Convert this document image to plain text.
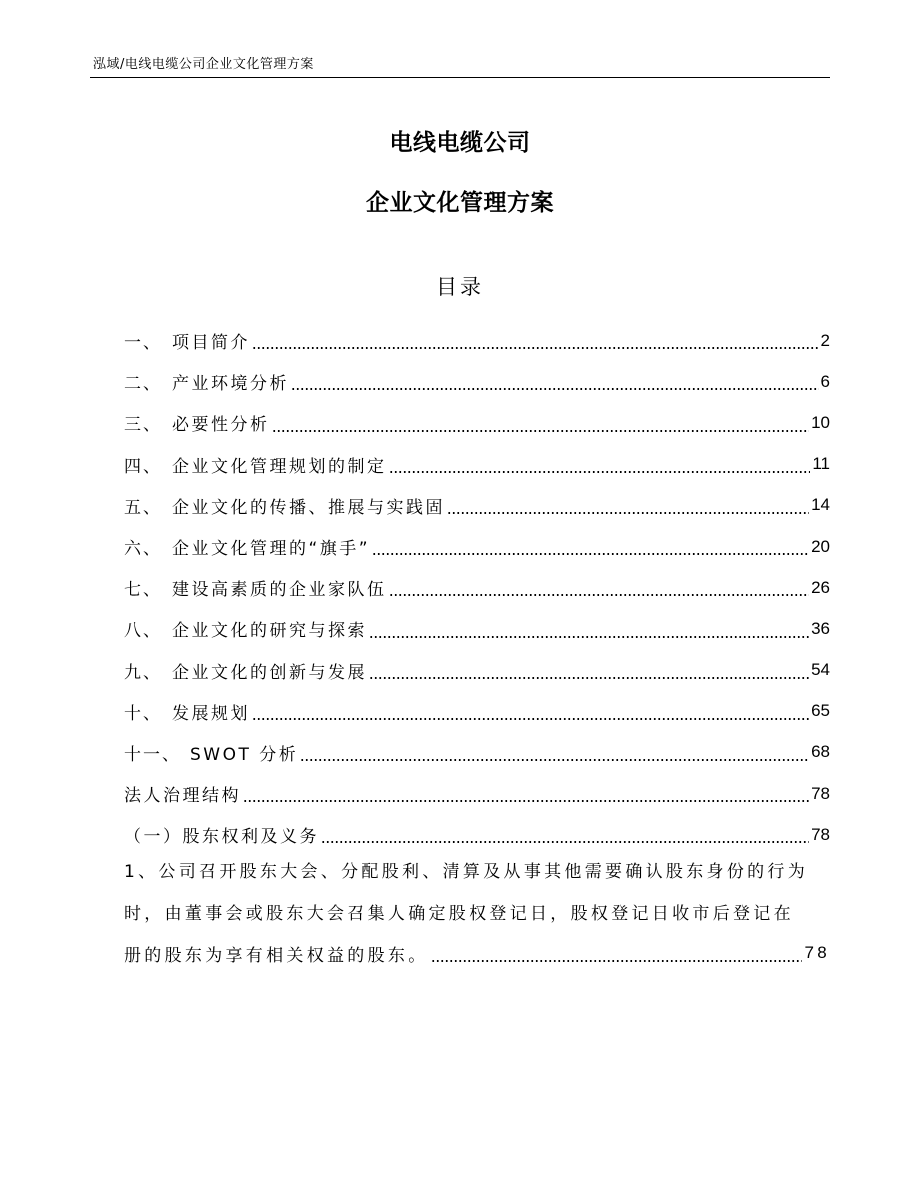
泓域/电线电缆公司企业文化管理方案
电线电缆公司
企业文化管理方案
目录
一、 项目简介	2
二、 产业环境分析	6
三、 必要性分析	10
四、 企业文化管理规划的制定	11
五、 企业文化的传播、推展与实践固	14
六、 企业文化管理的“旗手”	20
七、 建设高素质的企业家队伍	26
八、 企业文化的研究与探索	36
九、 企业文化的创新与发展	54
十、 发展规划	65
十一、 SWOT 分析	68
法人治理结构	78
（一）股东权利及义务	78
1、公司召开股东大会、分配股利、清算及从事其他需要确认股东身份的行为
时，由董事会或股东大会召集人确定股权登记日，股权登记日收市后登记在
册的股东为享有相关权益的股东。	78
